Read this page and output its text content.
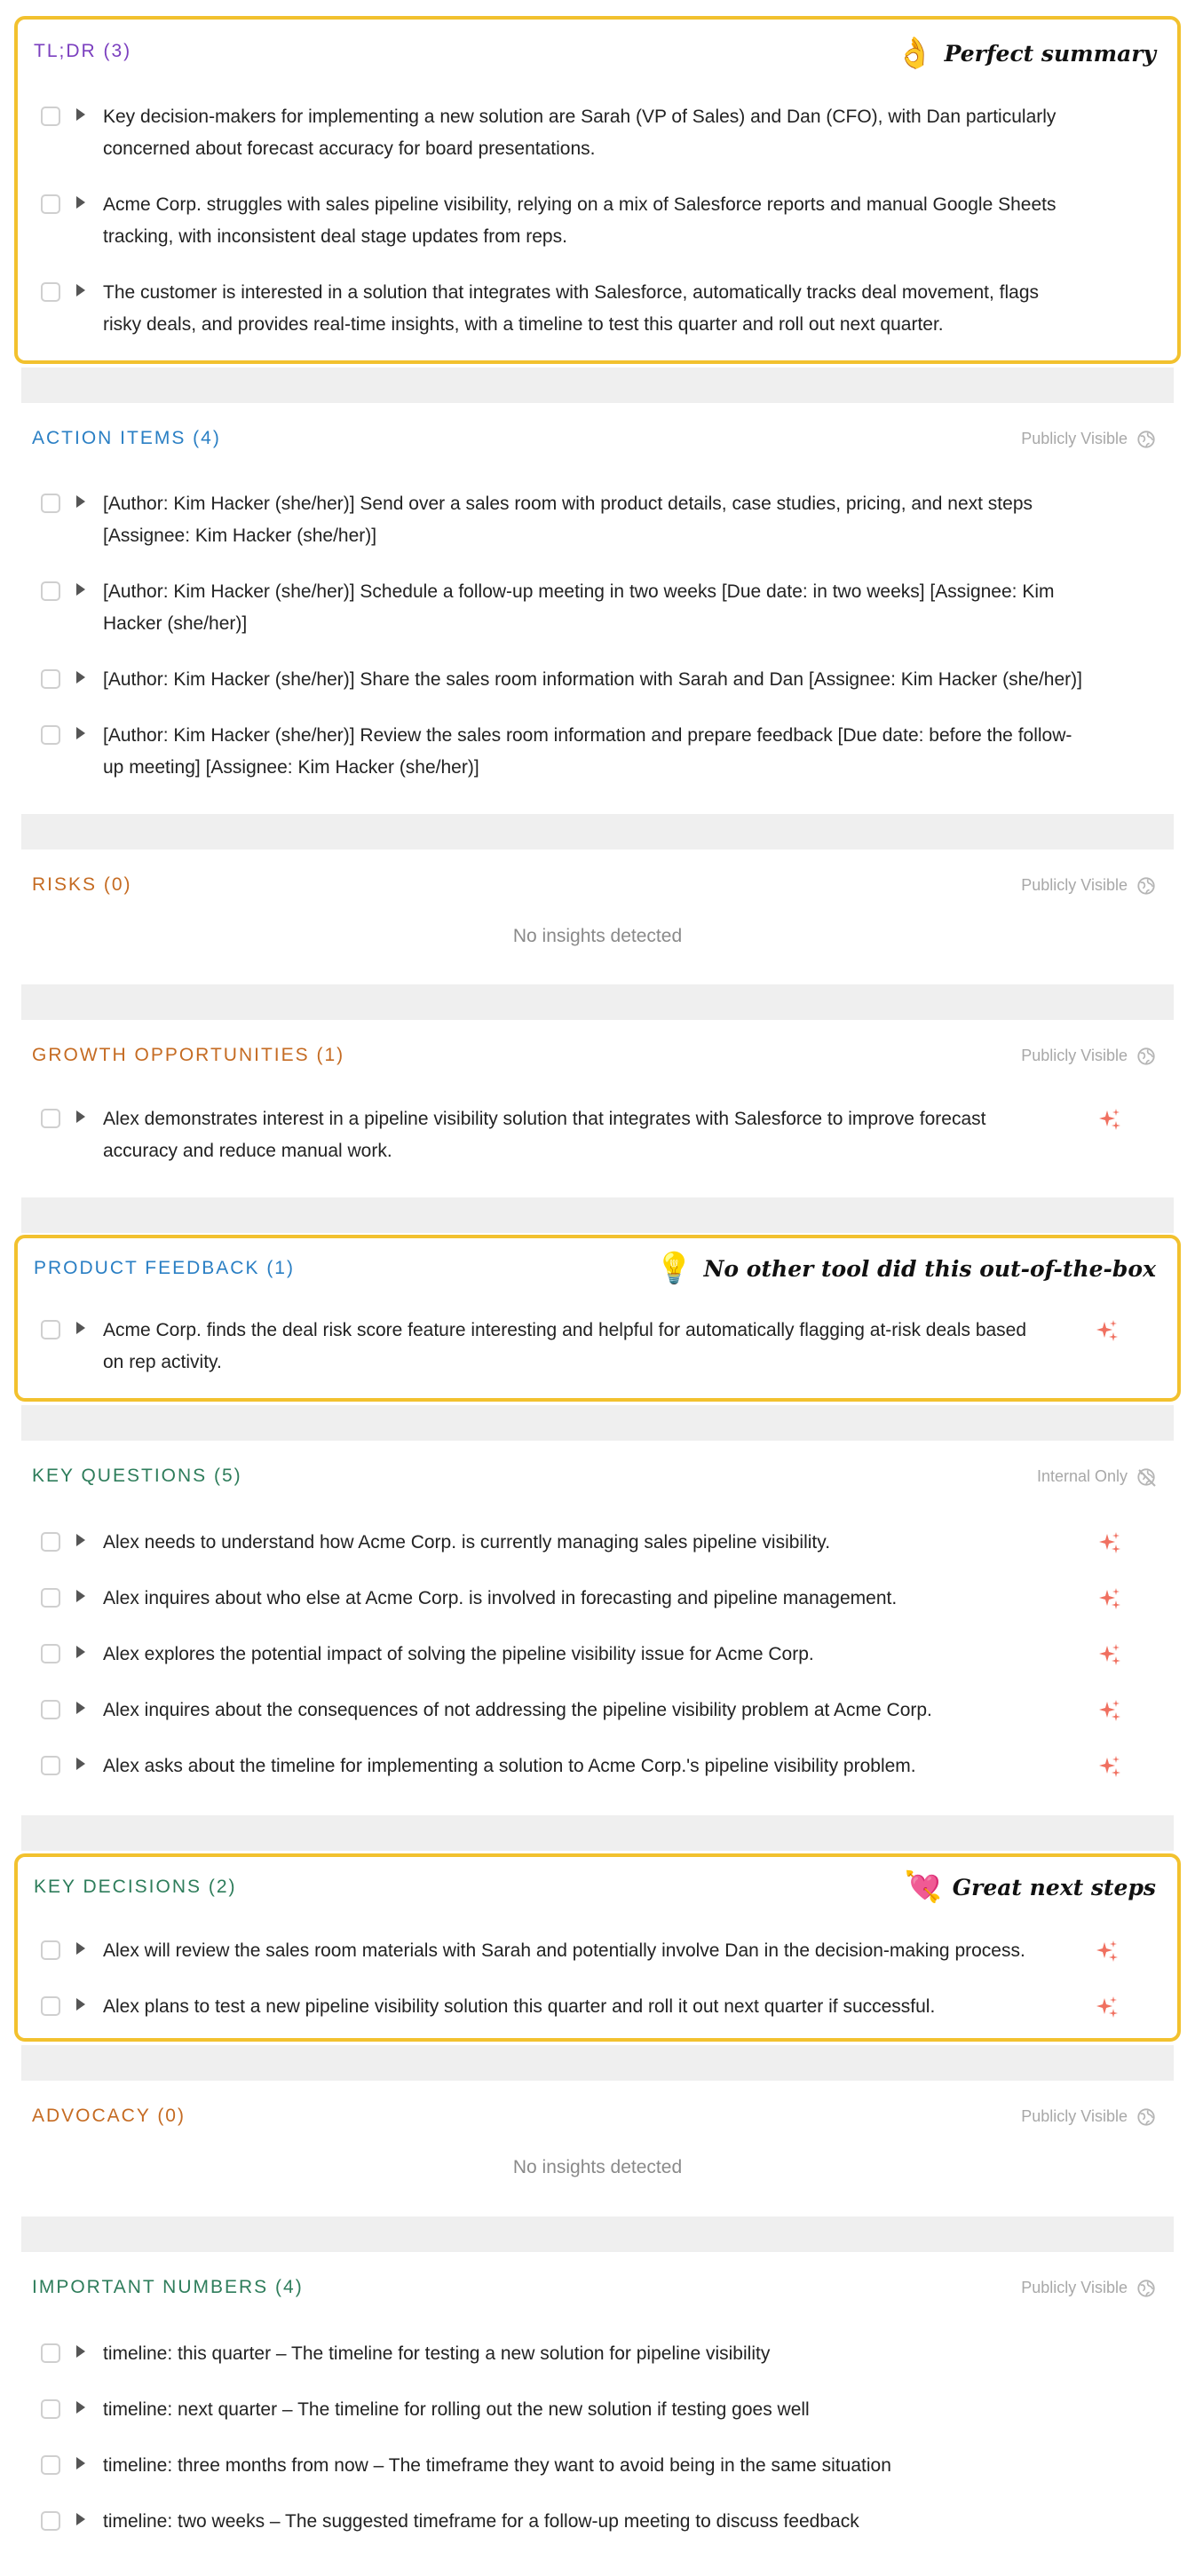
TL;DR (3)	👌 Perfect summary
Key decision-makers for implementing a new solution are Sarah (VP of Sales) and Dan (CFO), with Dan particularly
concerned about forecast accuracy for board presentations.
Acme Corp. struggles with sales pipeline visibility, relying on a mix of Salesforce reports and manual Google Sheets
tracking, with inconsistent deal stage updates from reps.
The customer is interested in a solution that integrates with Salesforce, automatically tracks deal movement, flags
risky deals, and provides real-time insights, with a timeline to test this quarter and roll out next quarter.
ACTION ITEMS (4)	Publicly Visible
[Author: Kim Hacker (she/her)] Send over a sales room with product details, case studies, pricing, and next steps
[Assignee: Kim Hacker (she/her)]
[Author: Kim Hacker (she/her)] Schedule a follow-up meeting in two weeks [Due date: in two weeks] [Assignee: Kim
Hacker (she/her)]
[Author: Kim Hacker (she/her)] Share the sales room information with Sarah and Dan [Assignee: Kim Hacker (she/her)]
[Author: Kim Hacker (she/her)] Review the sales room information and prepare feedback [Due date: before the follow-
up meeting] [Assignee: Kim Hacker (she/her)]
RISKS (0)	Publicly Visible
No insights detected
GROWTH OPPORTUNITIES (1)	Publicly Visible
Alex demonstrates interest in a pipeline visibility solution that integrates with Salesforce to improve forecast
accuracy and reduce manual work.
PRODUCT FEEDBACK (1)	💡 No other tool did this out-of-the-box
Acme Corp. finds the deal risk score feature interesting and helpful for automatically flagging at-risk deals based
on rep activity.
KEY QUESTIONS (5)	Internal Only
Alex needs to understand how Acme Corp. is currently managing sales pipeline visibility.
Alex inquires about who else at Acme Corp. is involved in forecasting and pipeline management.
Alex explores the potential impact of solving the pipeline visibility issue for Acme Corp.
Alex inquires about the consequences of not addressing the pipeline visibility problem at Acme Corp.
Alex asks about the timeline for implementing a solution to Acme Corp.'s pipeline visibility problem.
KEY DECISIONS (2)	💘 Great next steps
Alex will review the sales room materials with Sarah and potentially involve Dan in the decision-making process.
Alex plans to test a new pipeline visibility solution this quarter and roll it out next quarter if successful.
ADVOCACY (0)	Publicly Visible
No insights detected
IMPORTANT NUMBERS (4)	Publicly Visible
timeline: this quarter – The timeline for testing a new solution for pipeline visibility
timeline: next quarter – The timeline for rolling out the new solution if testing goes well
timeline: three months from now – The timeframe they want to avoid being in the same situation
timeline: two weeks – The suggested timeframe for a follow-up meeting to discuss feedback
